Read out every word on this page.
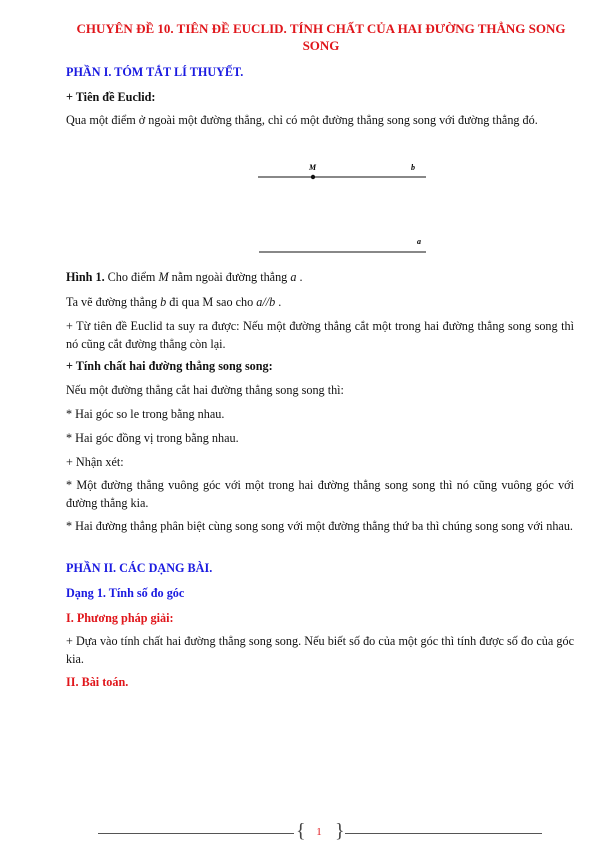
CHUYÊN ĐỀ 10. TIÊN ĐỀ EUCLID. TÍNH CHẤT CỦA HAI ĐƯỜNG THẲNG SONG
SONG
PHẦN I. TÓM TẮT LÍ THUYẾT.
+ Tiên đề Euclid:
Qua một điểm ở ngoài một đường thẳng, chỉ có một đường thẳng song song với đường thẳng đó.
M	b
a
Hình 1. Cho điểm M nằm ngoài đường thẳng a .
Ta vẽ đường thẳng b đi qua M sao cho a//b .
+ Từ tiên đề Euclid ta suy ra được: Nếu một đường thẳng cắt một trong hai đường thẳng song song thì nó cũng cắt đường thẳng còn lại.
+ Tính chất hai đường thẳng song song:
Nếu một đường thẳng cắt hai đường thẳng song song thì:
* Hai góc so le trong bằng nhau.
* Hai góc đồng vị trong bằng nhau.
+ Nhận xét:
* Một đường thẳng vuông góc với một trong hai đường thẳng song song thì nó cũng vuông góc với đường thẳng kia.
* Hai đường thẳng phân biệt cùng song song với một đường thẳng thứ ba thì chúng song song với nhau.
PHẦN II. CÁC DẠNG BÀI.
Dạng 1. Tính số đo góc
I. Phương pháp giải:
+ Dựa vào tính chất hai đường thẳng song song. Nếu biết số đo của một góc thì tính được số đo của góc kia.
II. Bài toán.
{ 1 }
